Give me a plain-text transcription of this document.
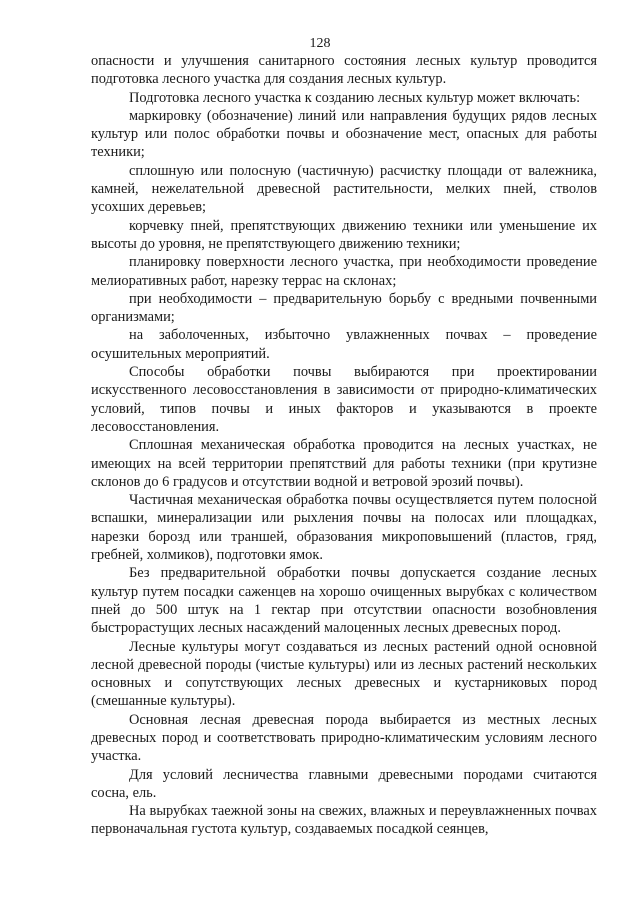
128

опасности и улучшения санитарного состояния лесных культур проводится подготовка лесного участка для создания лесных культур.

Подготовка лесного участка к созданию лесных культур может включать:

маркировку (обозначение) линий или направления будущих рядов лесных культур или полос обработки почвы и обозначение мест, опасных для работы техники;

сплошную или полосную (частичную) расчистку площади от валежника, камней, нежелательной древесной растительности, мелких пней, стволов усохших деревьев;

корчевку пней, препятствующих движению техники или уменьшение их высоты до уровня, не препятствующего движению техники;

планировку поверхности лесного участка, при необходимости проведение мелиоративных работ, нарезку террас на склонах;

при необходимости – предварительную борьбу с вредными почвенными организмами;

на заболоченных, избыточно увлажненных почвах – проведение осушительных мероприятий.

Способы обработки почвы выбираются при проектировании искусственного лесовосстановления в зависимости от природно-климатических условий, типов почвы и иных факторов и указываются в проекте лесовосстановления.

Сплошная механическая обработка проводится на лесных участках, не имеющих на всей территории препятствий для работы техники (при крутизне склонов до 6 градусов и отсутствии водной и ветровой эрозий почвы).

Частичная механическая обработка почвы осуществляется путем полосной вспашки, минерализации или рыхления почвы на полосах или площадках, нарезки борозд или траншей, образования микроповышений (пластов, гряд, гребней, холмиков), подготовки ямок.

Без предварительной обработки почвы допускается создание лесных культур путем посадки саженцев на хорошо очищенных вырубках с количеством пней до 500 штук на 1 гектар при отсутствии опасности возобновления быстрорастущих лесных насаждений малоценных лесных древесных пород.

Лесные культуры могут создаваться из лесных растений одной основной лесной древесной породы (чистые культуры) или из лесных растений нескольких основных и сопутствующих лесных древесных и кустарниковых пород (смешанные культуры).

Основная лесная древесная порода выбирается из местных лесных древесных пород и соответствовать природно-климатическим условиям лесного участка.

Для условий лесничества главными древесными породами считаются сосна, ель.

На вырубках таежной зоны на свежих, влажных и переувлажненных почвах первоначальная густота культур, создаваемых посадкой сеянцев,
